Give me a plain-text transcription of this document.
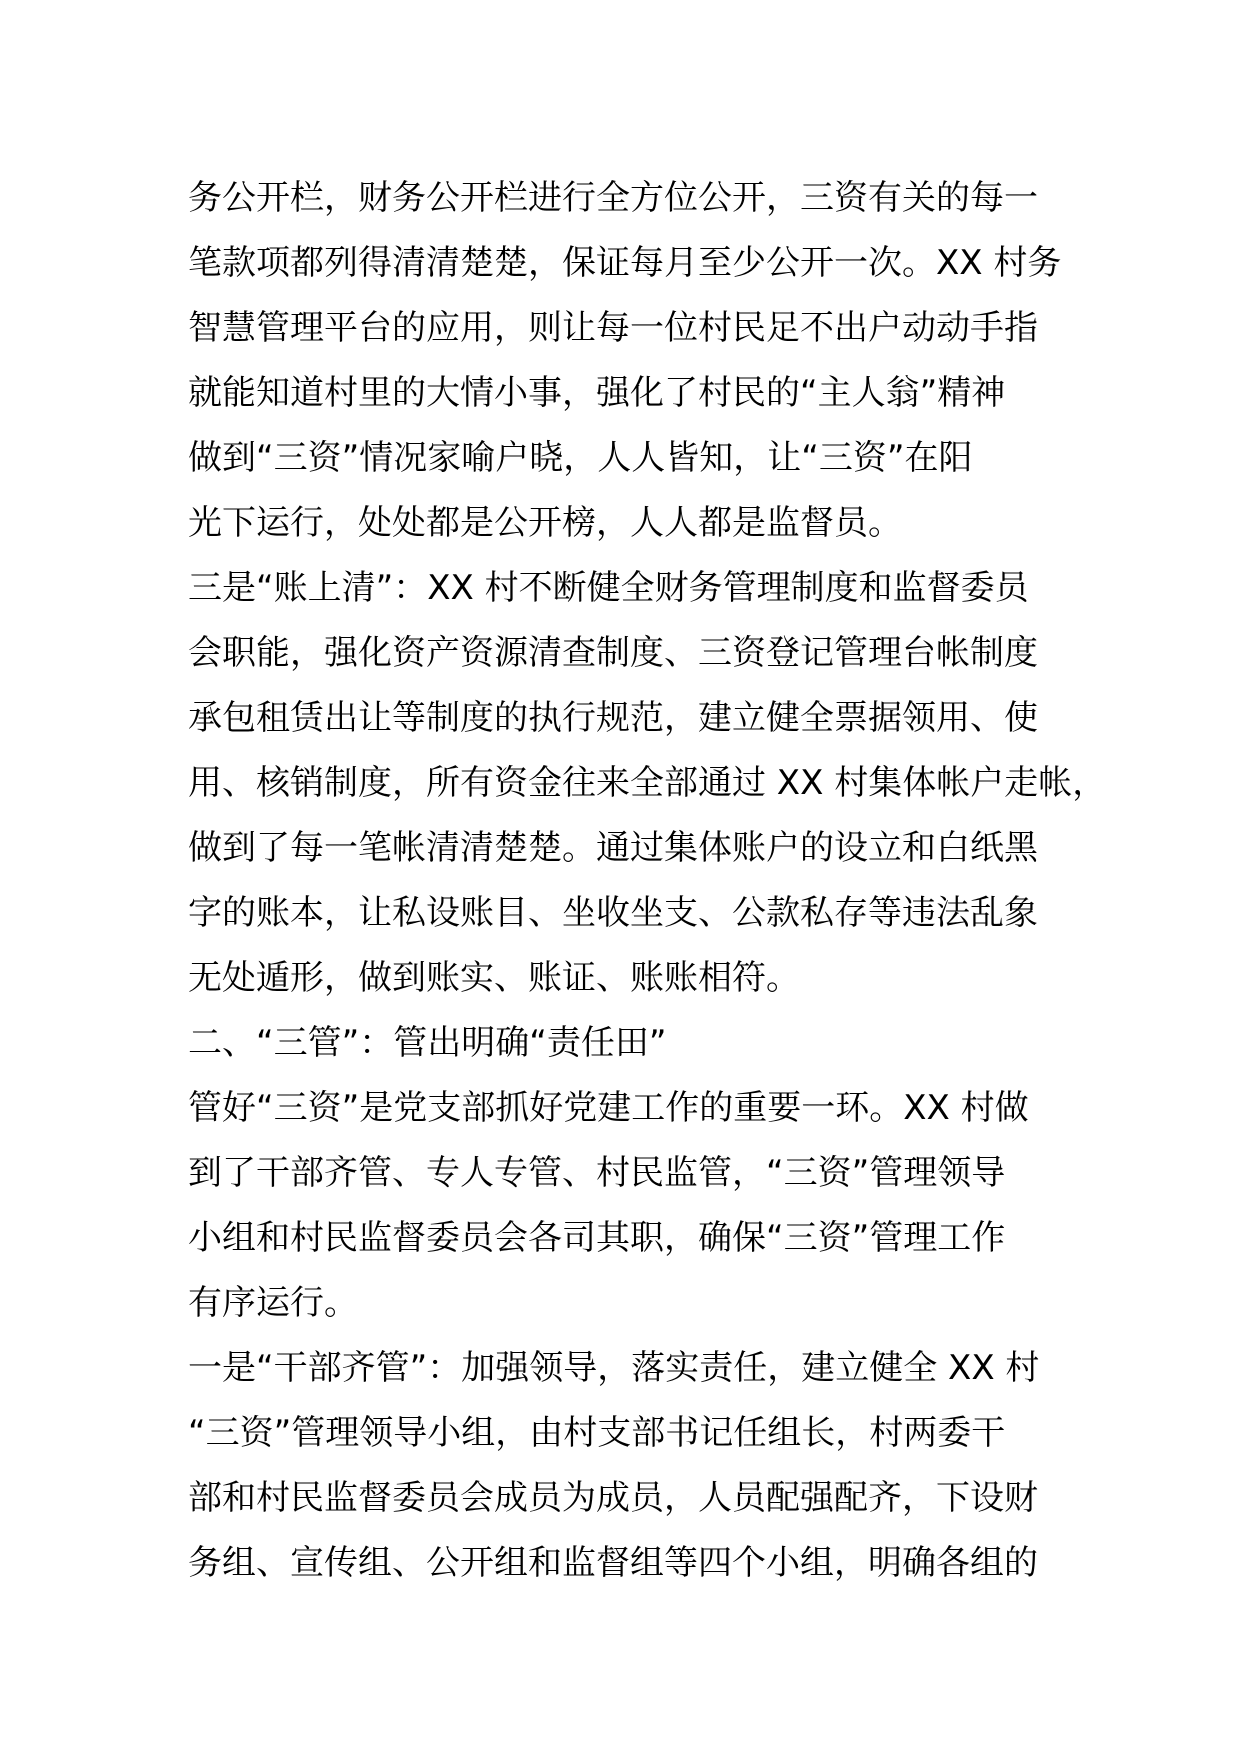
务公开栏，财务公开栏进行全方位公开，三资有关的每一
笔款项都列得清清楚楚，保证每月至少公开一次。XX 村务
智慧管理平台的应用，则让每一位村民足不出户动动手指
就能知道村里的大情小事，强化了村民的“主人翁”精神
做到“三资”情况家喻户晓，人人皆知，让“三资”在阳
光下运行，处处都是公开榜，人人都是监督员。
三是“账上清”：XX 村不断健全财务管理制度和监督委员
会职能，强化资产资源清查制度、三资登记管理台帐制度
承包租赁出让等制度的执行规范，建立健全票据领用、使
用、核销制度，所有资金往来全部通过 XX 村集体帐户走帐，
做到了每一笔帐清清楚楚。通过集体账户的设立和白纸黑
字的账本，让私设账目、坐收坐支、公款私存等违法乱象
无处遁形，做到账实、账证、账账相符。
二、“三管”：管出明确“责任田”
管好“三资”是党支部抓好党建工作的重要一环。XX 村做
到了干部齐管、专人专管、村民监管，“三资”管理领导
小组和村民监督委员会各司其职，确保“三资”管理工作
有序运行。
一是“干部齐管”：加强领导，落实责任，建立健全 XX 村
“三资”管理领导小组，由村支部书记任组长，村两委干
部和村民监督委员会成员为成员，人员配强配齐，下设财
务组、宣传组、公开组和监督组等四个小组，明确各组的
